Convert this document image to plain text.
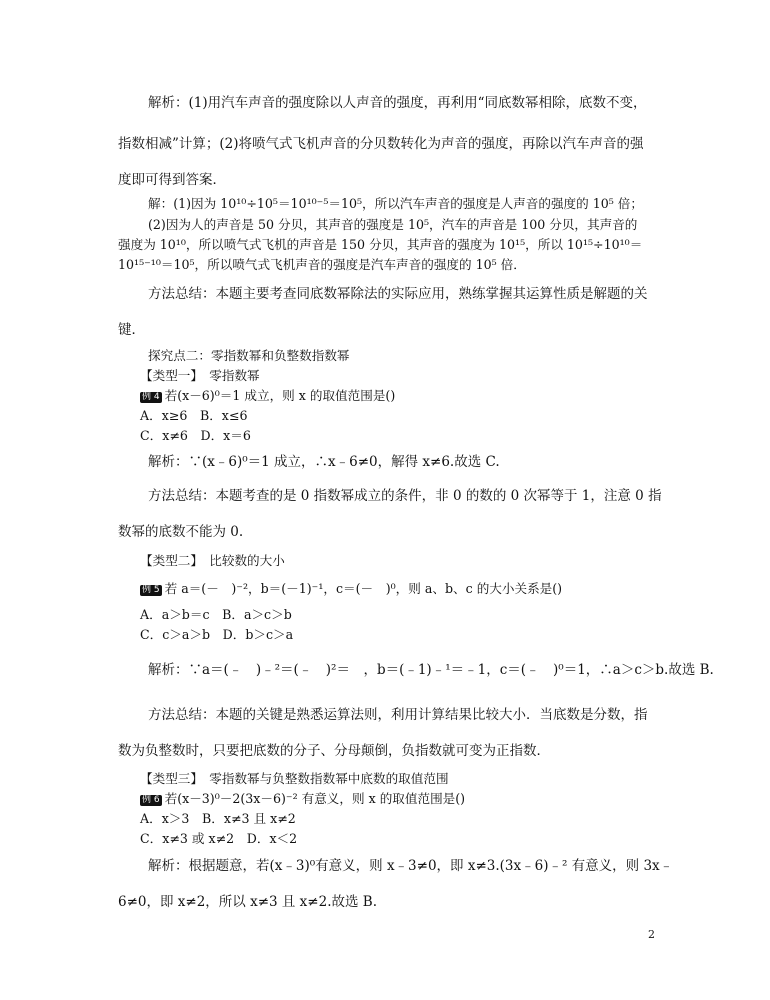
解析：(1)用汽车声音的强度除以人声音的强度，再利用“同底数幂相除，底数不变，
指数相减”计算；(2)将喷气式飞机声音的分贝数转化为声音的强度，再除以汽车声音的强
度即可得到答案．
解：(1)因为 10¹⁰÷10⁵＝10¹⁰⁻⁵＝10⁵，所以汽车声音的强度是人声音的强度的 10⁵ 倍；
(2)因为人的声音是 50 分贝，其声音的强度是 10⁵，汽车的声音是 100 分贝，其声音的
强度为 10¹⁰，所以喷气式飞机的声音是 150 分贝，其声音的强度为 10¹⁵，所以 10¹⁵÷10¹⁰＝
10¹⁵⁻¹⁰＝10⁵，所以喷气式飞机声音的强度是汽车声音的强度的 10⁵ 倍．
方法总结：本题主要考查同底数幂除法的实际应用，熟练掌握其运算性质是解题的关
键．
探究点二：零指数幂和负整数指数幂
【类型一】　零指数幂
例 4 若(x－6)⁰＝1 成立，则 x 的取值范围是()
A．x≥6　B．x≤6
C．x≠6　D．x＝6
解析：∵(x﹣6)⁰＝1 成立，∴x﹣6≠0，解得 x≠6.故选 C.
方法总结：本题考查的是 0 指数幂成立的条件，非 0 的数的 0 次幂等于 1，注意 0 指
数幂的底数不能为 0.
【类型二】　比较数的大小
例 5 若 a＝(－　)⁻²，b＝(－1)⁻¹，c＝(－　)⁰，则 a、b、c 的大小关系是()
A．a＞b＝c　B．a＞c＞b
C．c＞a＞b　D．b＞c＞a
解析：∵a＝(﹣　)﹣²＝(﹣　)²＝　，b＝(﹣1)﹣¹＝﹣1，c＝(﹣　)⁰＝1，∴a＞c＞b.故选 B.
方法总结：本题的关键是熟悉运算法则，利用计算结果比较大小．当底数是分数，指
数为负整数时，只要把底数的分子、分母颠倒，负指数就可变为正指数．
【类型三】　零指数幂与负整数指数幂中底数的取值范围
例 6 若(x－3)⁰－2(3x－6)⁻² 有意义，则 x 的取值范围是()
A．x＞3　B．x≠3 且 x≠2
C．x≠3 或 x≠2　D．x＜2
解析：根据题意，若(x﹣3)⁰有意义，则 x﹣3≠0，即 x≠3.(3x﹣6)﹣² 有意义，则 3x﹣
6≠0，即 x≠2，所以 x≠3 且 x≠2.故选 B.
2
